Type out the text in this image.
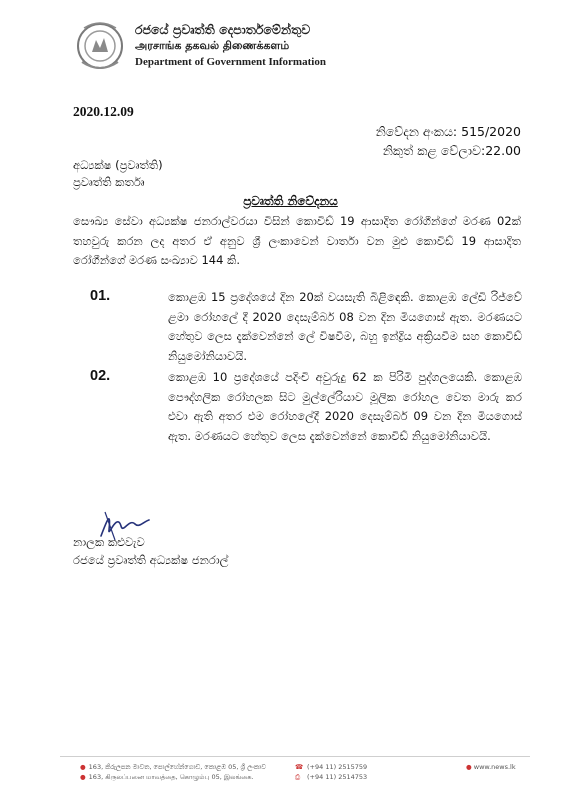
රජයේ ප්‍රවෘත්ති දෙපාර්තමේන්තුව
அரசாங்க தகவல் திணைக்களம்
Department of Government Information
2020.12.09
නිවේදන අංකය: 515/2020
නිකුත් කළ වේලාව:22.00
අධ්‍යක්ෂ (ප්‍රවෘත්ති)
ප්‍රවෘත්ති කර්තෘ
ප්‍රවෘත්ති නිවේදනය
සෞඛ්‍ය සේවා අධ්‍යක්ෂ ජනරාල්වරයා විසින් කොවිඩ් 19 ආසාදිත රෝගීන්ගේ මරණ 02ක් තහවුරු කරන ලද අතර ඒ අනුව ශ්‍රී ලංකාවෙන් වාර්තා වන මුළු කොවිඩ් 19 ආසාදිත රෝගීන්ගේ මරණ සංඛ්‍යාව 144 කි.
01.	කොළඹ 15 ප්‍රදේශයේ දින 20ක් වයසැති බිළිඳෙකි. කොළඹ ලේඩි රිජ්වේ ළමා රෝහලේ දී 2020 දෙසැම්බර් 08 වන දින මියගොස් ඇත. මරණයට හේතුව ලෙස දැක්වෙන්නේ ලේ විෂවීම, බහු ඉන්ද්‍රිය අක්‍රියවීම සහ කොවිඩ් නියුමෝනියාවයි.
02.	කොළඹ 10 ප්‍රදේශයේ පදිංචි අවුරුදු 62 ක පිරිමි පුද්ගලයෙකි. කොළඹ පෞද්ගලික රෝහලක සිට මුල්ලේරියාව මූලික රෝහල වෙත මාරු කර එවා ඇති අතර එම රෝහලේදී 2020 දෙසැම්බර් 09 වන දින මියගොස් ඇත. මරණයට හේතුව ලෙස දැක්වෙන්නේ කොවිඩ් නියුමෝනියාවයි.
නාලක කළුවැව
රජයේ ප්‍රවෘත්ති අධ්‍යක්ෂ ජනරාල්
● 163, කිරුලපන මාවත, පොල්හේන්ගොඩ, කොළඹ 05, ශ්‍රී ලංකාව
● 163, கிருலப்பனை மாவத்தை, கொழும்பு 05, இலங்கை.
☎ (+94 11) 2515759
⎙ (+94 11) 2514753
● www.news.lk
